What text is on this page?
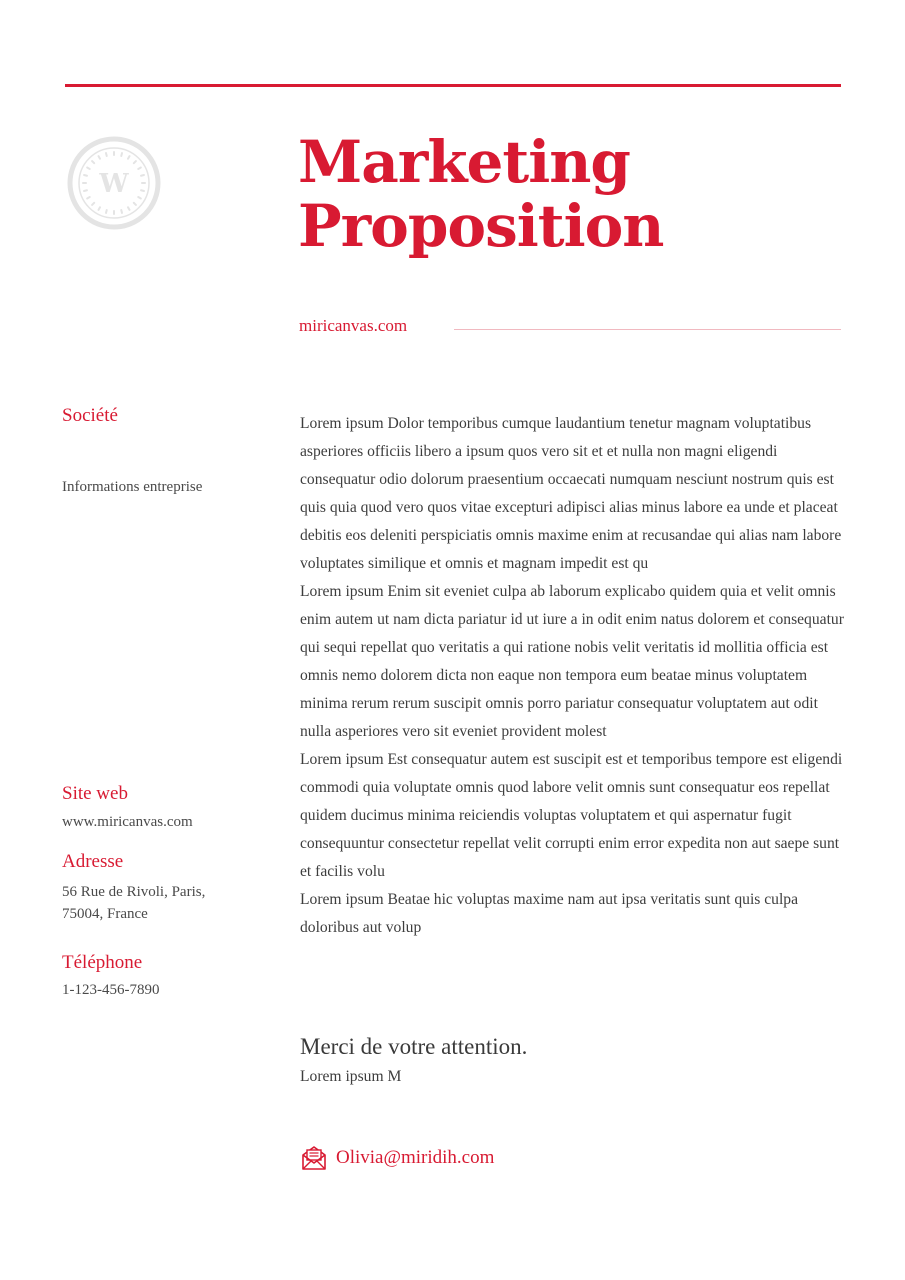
W	Marketing
Proposition
miricanvas.com
Société
Informations entreprise
Site web
www.miricanvas.com
Adresse
56 Rue de Rivoli, Paris,
75004, France
Téléphone
1-123-456-7890

Lorem ipsum Dolor temporibus cumque laudantium tenetur magnam voluptatibus asperiores officiis libero a ipsum quos vero sit et et nulla non magni eligendi consequatur odio dolorum praesentium occaecati numquam nesciunt nostrum quis est quis quia quod vero quos vitae excepturi adipisci alias minus labore ea unde et placeat debitis eos deleniti perspiciatis omnis maxime enim at recusandae qui alias nam labore voluptates similique et omnis et magnam impedit est qu

Lorem ipsum Enim sit eveniet culpa ab laborum explicabo quidem quia et velit omnis enim autem ut nam dicta pariatur id ut iure a in odit enim natus dolorem et consequatur qui sequi repellat quo veritatis a qui ratione nobis velit veritatis id mollitia officia est omnis nemo dolorem dicta non eaque non tempora eum beatae minus voluptatem minima rerum rerum suscipit omnis porro pariatur consequatur voluptatem aut odit nulla asperiores vero sit eveniet provident molest

Lorem ipsum Est consequatur autem est suscipit est et temporibus tempore est eligendi commodi quia voluptate omnis quod labore velit omnis sunt consequatur eos repellat quidem ducimus minima reiciendis voluptas voluptatem et qui aspernatur fugit consequuntur consectetur repellat velit corrupti enim error expedita non aut saepe sunt et facilis volu

Lorem ipsum Beatae hic voluptas maxime nam aut ipsa veritatis sunt quis culpa doloribus aut volup

Merci de votre attention.
Lorem ipsum M
Olivia@miridih.com
